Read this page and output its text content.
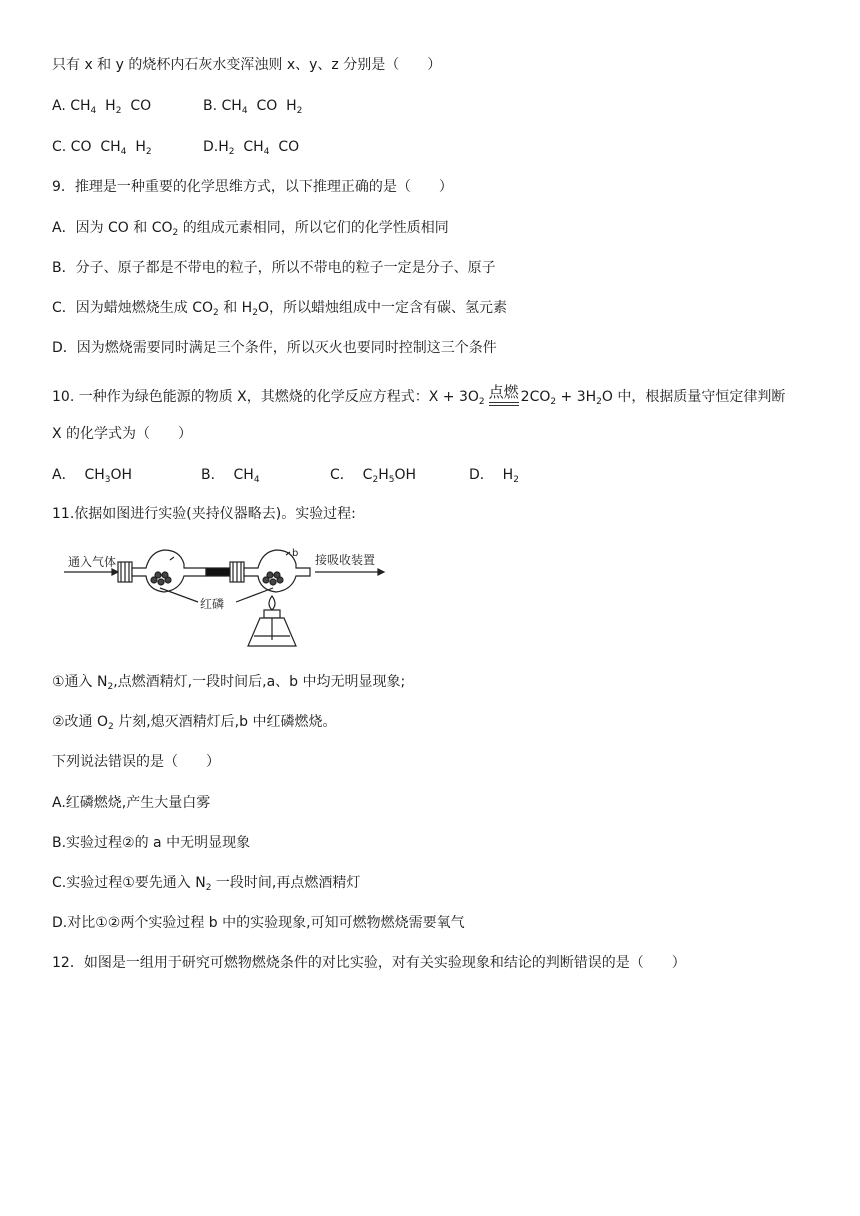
只有 x 和 y 的烧杯内石灰水变浑浊则 x、y、z 分别是（　　）
A. $CH_4$  $H_2$  CO	B. $CH_4$  CO  $H_2$
C. CO  $CH_4$  $H_2$	$D.H_2$  $CH_4$  CO
9．推理是一种重要的化学思维方式，以下推理正确的是（　　）
A．因为 CO 和 $CO_2$ 的组成元素相同，所以它们的化学性质相同
B．分子、原子都是不带电的粒子，所以不带电的粒子一定是分子、原子
C．因为蜡烛燃烧生成 $CO_2$ 和 $H_2O$，所以蜡烛组成中一定含有碳、氢元素
D．因为燃烧需要同时满足三个条件，所以灭火也要同时控制这三个条件
10. 一种作为绿色能源的物质 X，其燃烧的化学反应方程式：$X + 3O_2$点燃 $2CO_2 + 3H_2O$ 中，根据质量守恒定律判断
X 的化学式为（　　）
A．  $CH_3OH$	B．  $CH_4$	C．  $C_2H_5OH$	D．  $H_2$
11.依据如图进行实验(夹持仪器略去)。实验过程:
通入气体	接吸收装置
b
红磷
①通入 $N_2$,点燃酒精灯,一段时间后,a、b 中均无明显现象;
②改通 $O_2$ 片刻,熄灭酒精灯后,b 中红磷燃烧。
下列说法错误的是（　　）
A.红磷燃烧,产生大量白雾
B.实验过程②的 a 中无明显现象
C.实验过程①要先通入 $N_2$ 一段时间,再点燃酒精灯
D.对比①②两个实验过程 b 中的实验现象,可知可燃物燃烧需要氧气
12．如图是一组用于研究可燃物燃烧条件的对比实验，对有关实验现象和结论的判断错误的是（　　）
